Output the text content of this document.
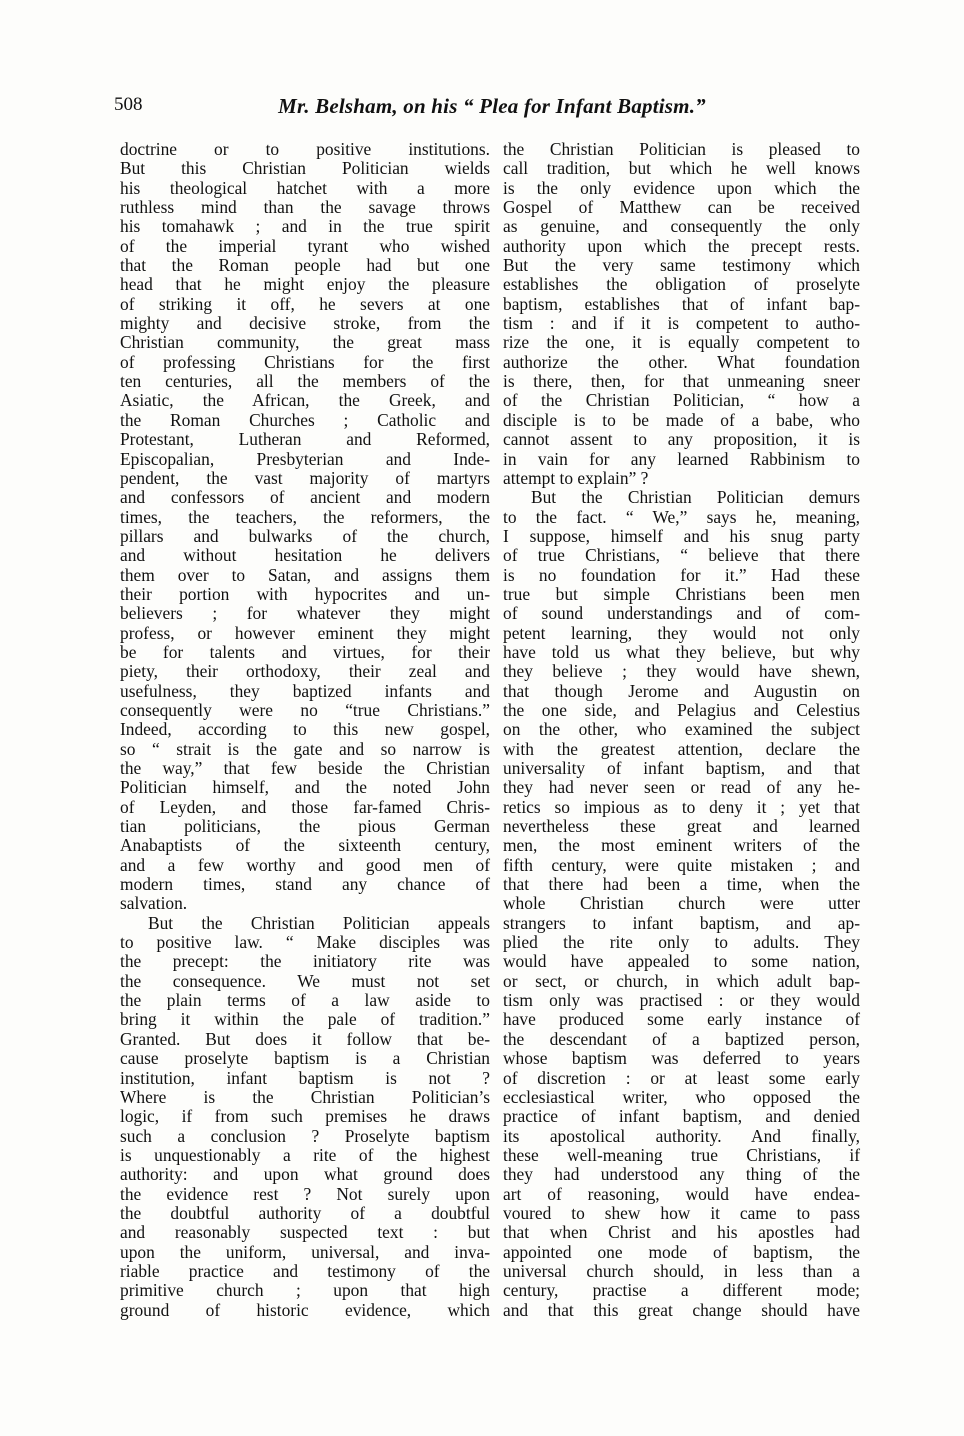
508	Mr. Belsham, on his “ Plea for Infant Baptism.”
doctrine or to positive institutions.
But this Christian Politician wields
his theological hatchet with a more
ruthless mind than the savage throws
his tomahawk ; and in the true spirit
of the imperial tyrant who wished
that the Roman people had but one
head that he might enjoy the pleasure
of striking it off, he severs at one
mighty and decisive stroke, from the
Christian community, the great mass
of professing Christians for the first
ten centuries, all the members of the
Asiatic, the African, the Greek, and
the Roman Churches ; Catholic and
Protestant, Lutheran and Reformed,
Episcopalian, Presbyterian and Inde-
pendent, the vast majority of martyrs
and confessors of ancient and modern
times, the teachers, the reformers, the
pillars and bulwarks of the church,
and without hesitation he delivers
them over to Satan, and assigns them
their portion with hypocrites and un-
believers ; for whatever they might
profess, or however eminent they might
be for talents and virtues, for their
piety, their orthodoxy, their zeal and
usefulness, they baptized infants and
consequently were no “true Christians.”
Indeed, according to this new gospel,
so “ strait is the gate and so narrow is
the way,” that few beside the Christian
Politician himself, and the noted John
of Leyden, and those far-famed Chris-
tian politicians, the pious German
Anabaptists of the sixteenth century,
and a few worthy and good men of
modern times, stand any chance of
salvation.
But the Christian Politician appeals
to positive law. “ Make disciples was
the precept: the initiatory rite was
the consequence. We must not set
the plain terms of a law aside to
bring it within the pale of tradition.”
Granted. But does it follow that be-
cause proselyte baptism is a Christian
institution, infant baptism is not ?
Where is the Christian Politician’s
logic, if from such premises he draws
such a conclusion ? Proselyte baptism
is unquestionably a rite of the highest
authority: and upon what ground does
the evidence rest ? Not surely upon
the doubtful authority of a doubtful
and reasonably suspected text : but
upon the uniform, universal, and inva-
riable practice and testimony of the
primitive church ; upon that high
ground of historic evidence, which
the Christian Politician is pleased to
call tradition, but which he well knows
is the only evidence upon which the
Gospel of Matthew can be received
as genuine, and consequently the only
authority upon which the precept rests.
But the very same testimony which
establishes the obligation of proselyte
baptism, establishes that of infant bap-
tism : and if it is competent to autho-
rize the one, it is equally competent to
authorize the other. What foundation
is there, then, for that unmeaning sneer
of the Christian Politician, “ how a
disciple is to be made of a babe, who
cannot assent to any proposition, it is
in vain for any learned Rabbinism to
attempt to explain” ?
But the Christian Politician demurs
to the fact. “ We,” says he, meaning,
I suppose, himself and his snug party
of true Christians, “ believe that there
is no foundation for it.” Had these
true but simple Christians been men
of sound understandings and of com-
petent learning, they would not only
have told us what they believe, but why
they believe ; they would have shewn,
that though Jerome and Augustin on
the one side, and Pelagius and Celestius
on the other, who examined the subject
with the greatest attention, declare the
universality of infant baptism, and that
they had never seen or read of any he-
retics so impious as to deny it ; yet that
nevertheless these great and learned
men, the most eminent writers of the
fifth century, were quite mistaken ; and
that there had been a time, when the
whole Christian church were utter
strangers to infant baptism, and ap-
plied the rite only to adults. They
would have appealed to some nation,
or sect, or church, in which adult bap-
tism only was practised : or they would
have produced some early instance of
the descendant of a baptized person,
whose baptism was deferred to years
of discretion : or at least some early
ecclesiastical writer, who opposed the
practice of infant baptism, and denied
its apostolical authority. And finally,
these well-meaning true Christians, if
they had understood any thing of the
art of reasoning, would have endea-
voured to shew how it came to pass
that when Christ and his apostles had
appointed one mode of baptism, the
universal church should, in less than a
century, practise a different mode;
and that this great change should have
